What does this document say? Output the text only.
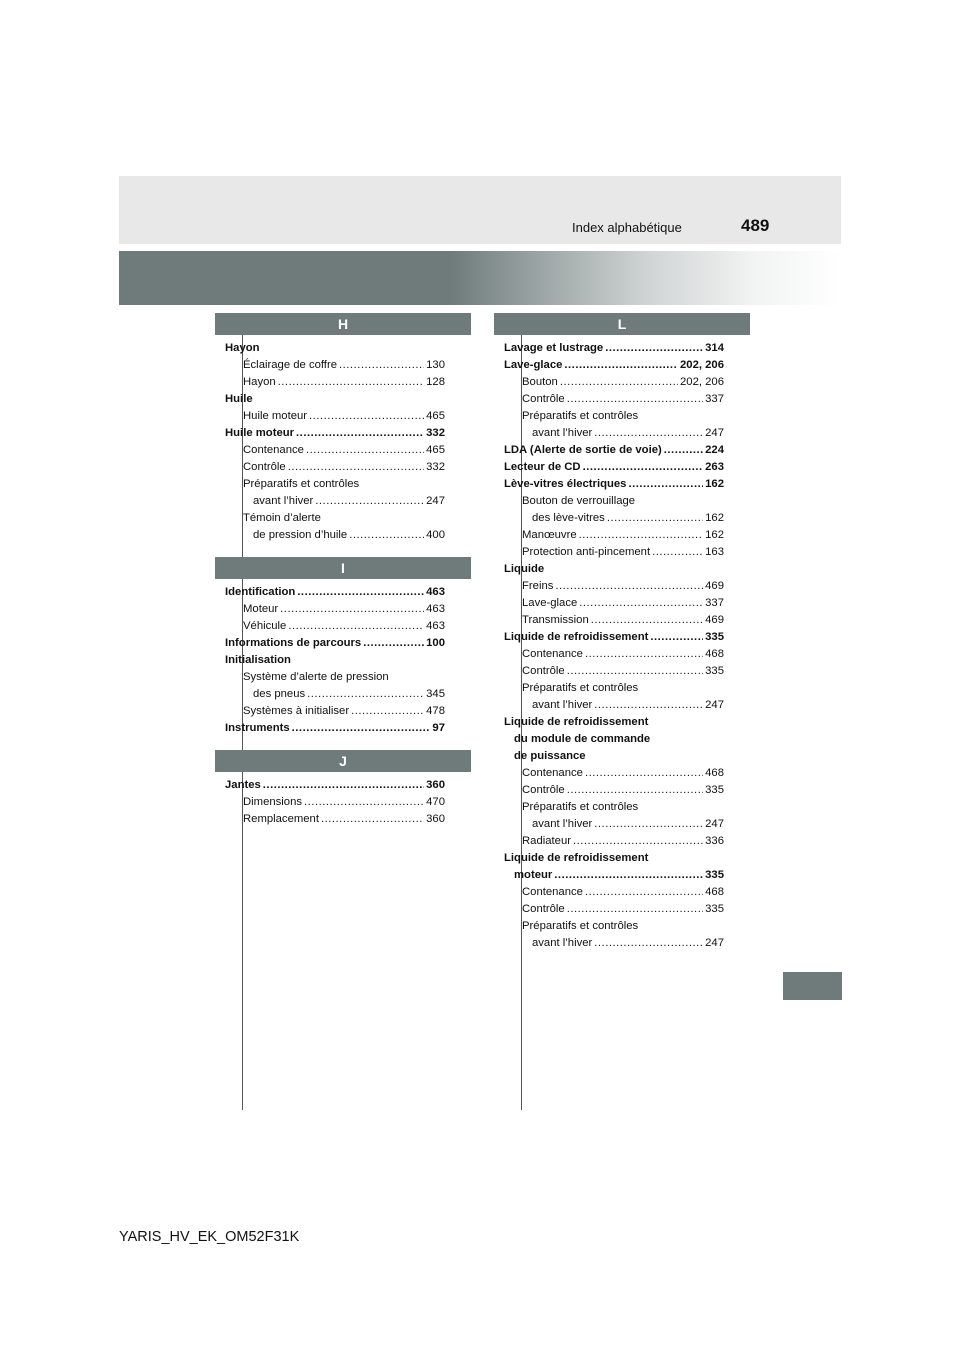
Index alphabétique	489
H
Hayon
Éclairage de coffre .....	130
Hayon .....	128
Huile
Huile moteur .....	465
Huile moteur .....	332
Contenance .....	465
Contrôle .....	332
Préparatifs et contrôles
avant l’hiver .....	247
Témoin d’alerte
de pression d’huile .....	400
I
Identification .....	463
Moteur .....	463
Véhicule .....	463
Informations de parcours .....	100
Initialisation
Système d’alerte de pression
des pneus .....	345
Systèmes à initialiser .....	478
Instruments .....	97
J
Jantes .....	360
Dimensions .....	470
Remplacement .....	360
L
Lavage et lustrage .....	314
Lave-glace .....	202, 206
Bouton .....	202, 206
Contrôle .....	337
Préparatifs et contrôles
avant l’hiver .....	247
LDA (Alerte de sortie de voie) .....	224
Lecteur de CD .....	263
Lève-vitres électriques .....	162
Bouton de verrouillage
des lève-vitres .....	162
Manœuvre .....	162
Protection anti-pincement .....	163
Liquide
Freins .....	469
Lave-glace .....	337
Transmission .....	469
Liquide de refroidissement .....	335
Contenance .....	468
Contrôle .....	335
Préparatifs et contrôles
avant l’hiver .....	247
Liquide de refroidissement
du module de commande
de puissance
Contenance .....	468
Contrôle .....	335
Préparatifs et contrôles
avant l’hiver .....	247
Radiateur .....	336
Liquide de refroidissement
moteur .....	335
Contenance .....	468
Contrôle .....	335
Préparatifs et contrôles
avant l’hiver .....	247
YARIS_HV_EK_OM52F31K
